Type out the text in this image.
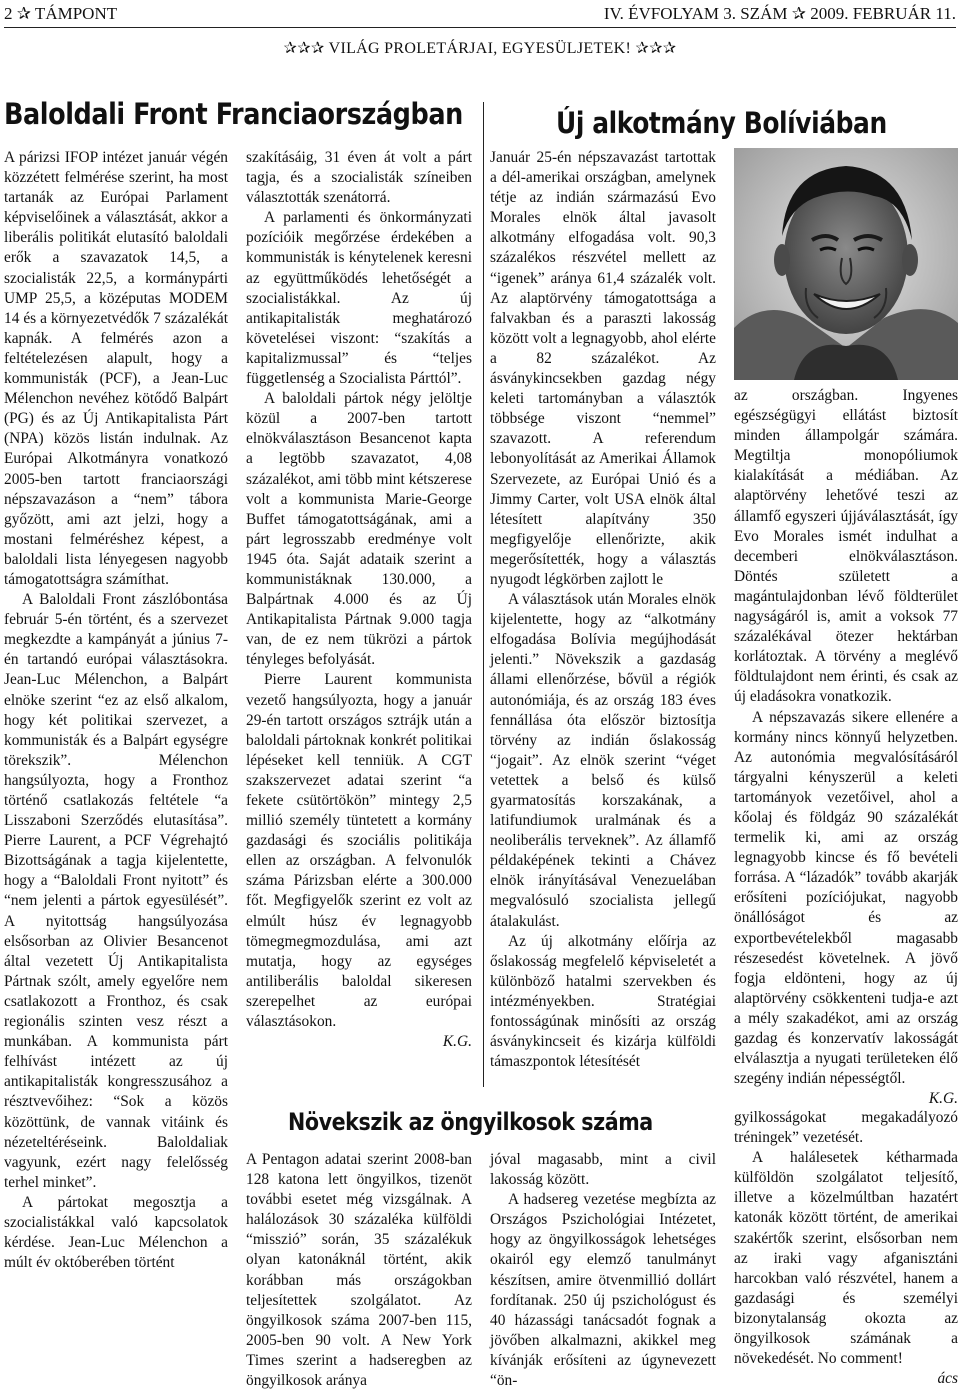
2 ✰ TÁMPONT	IV. ÉVFOLYAM 3. SZÁM ✰ 2009. FEBRUÁR 11.
✰✰✰ VILÁG PROLETÁRJAI, EGYESÜLJETEK! ✰✰✰
Baloldali Front Franciaországban

A párizsi IFOP intézet január végén közzétett felmérése szerint, ha most tartanák az Európai Parlament képviselőinek a választását, akkor a liberális politikát elutasító baloldali erők a szavazatok 14,5, a szocialisták 22,5, a kormánypárti UMP 25,5, a középutas MODEM 14 és a környezetvédők 7 százalékát kapnák. A felmérés azon a feltételezésen alapult, hogy a kommunisták (PCF), a Jean-Luc Mélenchon nevéhez kötődő Balpárt (PG) és az Új Antikapitalista Párt (NPA) közös listán indulnak. Az Európai Alkotmányra vonatkozó 2005-ben tartott franciaországi népszavazáson a “nem” tábora győzött, ami azt jelzi, hogy a mostani felméréshez képest, a baloldali lista lényegesen nagyobb támogatottságra számíthat.

A Baloldali Front zászlóbontása február 5-én történt, és a szervezet megkezdte a kampányát a június 7-én tartandó európai választásokra. Jean-Luc Mélenchon, a Balpárt elnöke szerint “ez az első alkalom, hogy két politikai szervezet, a kommunisták és a Balpárt egységre törekszik”. Mélenchon hangsúlyozta, hogy a Fronthoz történő csatlakozás feltétele “a Lisszaboni Szerződés elutasítása”. Pierre Laurent, a PCF Végrehajtó Bizottságának a tagja kijelentette, hogy a “Baloldali Front nyitott” és “nem jelenti a pártok egyesülését”. A nyitottság hangsúlyozása elsősorban az Olivier Besancenot által vezetett Új Antikapitalista Pártnak szólt, amely egyelőre nem csatlakozott a Fronthoz, és csak regionális szinten vesz részt a munkában. A kommunista párt felhívást intézett az új antikapitalisták kongresszusához a résztvevőihez: “Sok a közös közöttünk, de vannak vitáink és nézeteltéréseink. Baloldaliak vagyunk, ezért nagy felelősség terhel minket”.

A pártokat megosztja a szocialistákkal való kapcsolatok kérdése. Jean-Luc Mélenchon a múlt év októberében történt

szakításáig, 31 éven át volt a párt tagja, és a szocialisták színeiben választották szenátorrá.

A parlamenti és önkormányzati pozícióik megőrzése érdekében a kommunisták is kénytelenek keresni az együttműködés lehetőségét a szocialistákkal. Az új antikapitalisták meghatározó követelései viszont: “szakítás a kapitalizmussal” és “teljes függetlenség a Szocialista Párttól”.

A baloldali pártok négy jelöltje közül a 2007-ben tartott elnökválasztáson Besancenot kapta a legtöbb szavazatot, 4,08 százalékot, ami több mint kétszerese volt a kommunista Marie-George Buffet támogatottságának, ami a párt legrosszabb eredménye volt 1945 óta. Saját adataik szerint a kommunistáknak 130.000, a Balpártnak 4.000 és az Új Antikapitalista Pártnak 9.000 tagja van, de ez nem tükrözi a pártok tényleges befolyását.

Pierre Laurent kommunista vezető hangsúlyozta, hogy a január 29-én tartott országos sztrájk után a baloldali pártoknak konkrét politikai lépéseket kell tenniük. A CGT szakszervezet adatai szerint “a fekete csütörtökön” mintegy 2,5 millió személy tüntetett a kormány gazdasági és szociális politikája ellen az országban. A felvonulók száma Párizsban elérte a 300.000 főt. Megfigyelők szerint ez volt az elmúlt húsz év legnagyobb tömegmegmozdulása, ami azt mutatja, hogy az egységes antiliberális baloldal sikeresen szerepelhet az európai választásokon.

K.G.
Új alkotmány Bolíviában

Január 25-én népszavazást tartottak a dél-amerikai országban, amelynek tétje az indián származású Evo Morales elnök által javasolt alkotmány elfogadása volt. 90,3 százalékos részvétel mellett az “igenek” aránya 61,4 százalék volt. Az alaptörvény támogatottsága a falvakban és a paraszti lakosság között volt a legnagyobb, ahol elérte a 82 százalékot. Az ásványkincsekben gazdag négy keleti tartományban a választók többsége viszont “nemmel” szavazott. A referendum lebonyolítását az Amerikai Államok Szervezete, az Európai Unió és a Jimmy Carter, volt USA elnök által létesített alapítvány 350 megfigyelője ellenőrizte, akik megerősítették, hogy a választás nyugodt légkörben zajlott le

A választások után Morales elnök kijelentette, hogy az “alkotmány elfogadása Bolívia megújhodását jelenti.” Növekszik a gazdaság állami ellenőrzése, bővül a régiók autonómiája, és az ország 183 éves fennállása óta először biztosítja törvény az indián őslakosság “jogait”. Az elnök szerint “véget vetettek a belső és külső gyarmatosítás korszakának, a latifundiumok uralmának és a neoliberális terveknek”. Az államfő példaképének tekinti a Chávez elnök irányításával Venezuelában megvalósuló szocialista jellegű átalakulást.

Az új alkotmány előírja az őslakosság megfelelő képviseletét a különböző hatalmi szervekben és intézményekben. Stratégiai fontosságúnak minősíti az ország ásványkincseit és kizárja külföldi támaszpontok létesítését

az országban. Ingyenes egészségügyi ellátást biztosít minden állampolgár számára. Megtiltja monopóliumok kialakítását a médiában. Az alaptörvény lehetővé teszi az államfő egyszeri újjáválasztását, így Evo Morales ismét indulhat a decemberi elnökválasztáson. Döntés született a magántulajdonban lévő földterület nagyságáról is, amit a voksok 77 százalékával ötezer hektárban korlátoztak. A törvény a meglévő földtulajdont nem érinti, és csak az új eladásokra vonatkozik.

A népszavazás sikere ellenére a kormány nincs könnyű helyzetben. Az autonómia megvalósításáról tárgyalni kényszerül a keleti tartományok vezetőivel, ahol a kőolaj és földgáz 90 százalékát termelik ki, ami az ország legnagyobb kincse és fő bevételi forrása. A “lázadók” tovább akarják erősíteni pozíciójukat, nagyobb önállóságot és az exportbevételekből magasabb részesedést követelnek. A jövő fogja eldönteni, hogy az új alaptörvény csökkenteni tudja-e azt a mély szakadékot, ami az ország gazdag és konzervatív lakosságát elválasztja a nyugati területeken élő szegény indián népességtől.

K.G.
Növekszik az öngyilkosok száma

A Pentagon adatai szerint 2008-ban 128 katona lett öngyilkos, tizenöt további esetet még vizsgálnak. A halálozások 30 százaléka külföldi “misszió” során, 35 százalékuk olyan katonáknál történt, akik korábban más országokban teljesítettek szolgálatot. Az öngyilkosok száma 2007-ben 115, 2005-ben 90 volt. A New York Times szerint a hadseregben az öngyilkosok aránya

jóval magasabb, mint a civil lakosság között.

A hadsereg vezetése megbízta az Országos Pszichológiai Intézetet, hogy az öngyilkosságok lehetséges okairól egy elemző tanulmányt készítsen, amire ötvenmillió dollárt fordítanak. 250 új pszichológust és 40 házassági tanácsadót fognak a jövőben alkalmazni, akikkel meg kívánják erősíteni az úgynevezett “ön-

gyilkosságokat megakadályozó tréningek” vezetését.

A halálesetek kétharmada külföldön szolgálatot teljesítő, illetve a közelmúltban hazatért katonák között történt, de amerikai szakértők szerint, elsősorban nem az iraki vagy afganisztáni harcokban való részvétel, hanem a gazdasági és személyi bizonytalanság okozta az öngyilkosok számának a növekedését. No comment!

ács
